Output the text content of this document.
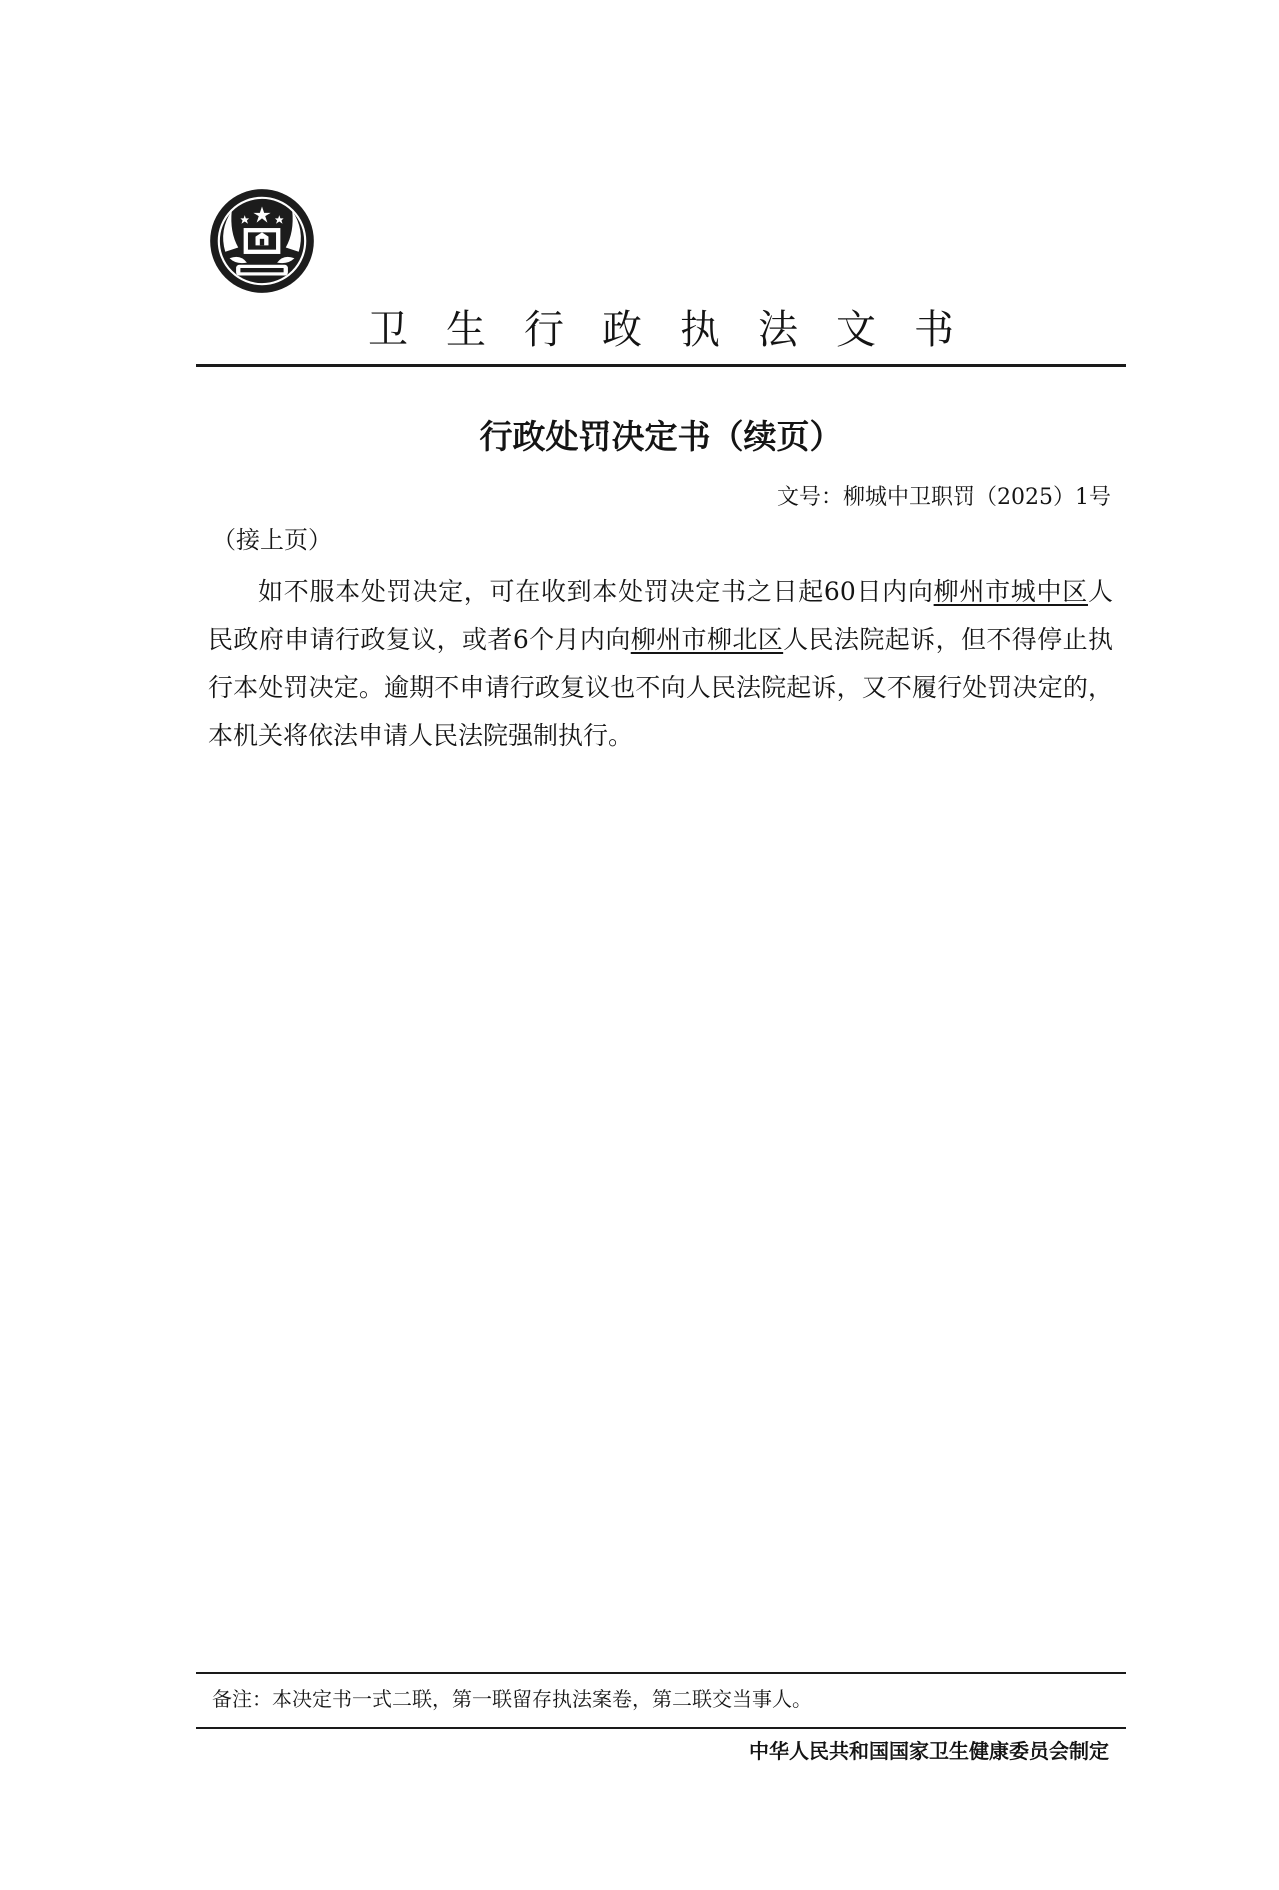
卫生行政执法文书
行政处罚决定书（续页）
文号：柳城中卫职罚（2025）1号
（接上页）

如不服本处罚决定，可在收到本处罚决定书之日起60日内向柳州市城中区人民政府申请行政复议，或者6个月内向柳州市柳北区人民法院起诉，但不得停止执行本处罚决定。逾期不申请行政复议也不向人民法院起诉，又不履行处罚决定的，本机关将依法申请人民法院强制执行。

备注：本决定书一式二联，第一联留存执法案卷，第二联交当事人。
中华人民共和国国家卫生健康委员会制定
